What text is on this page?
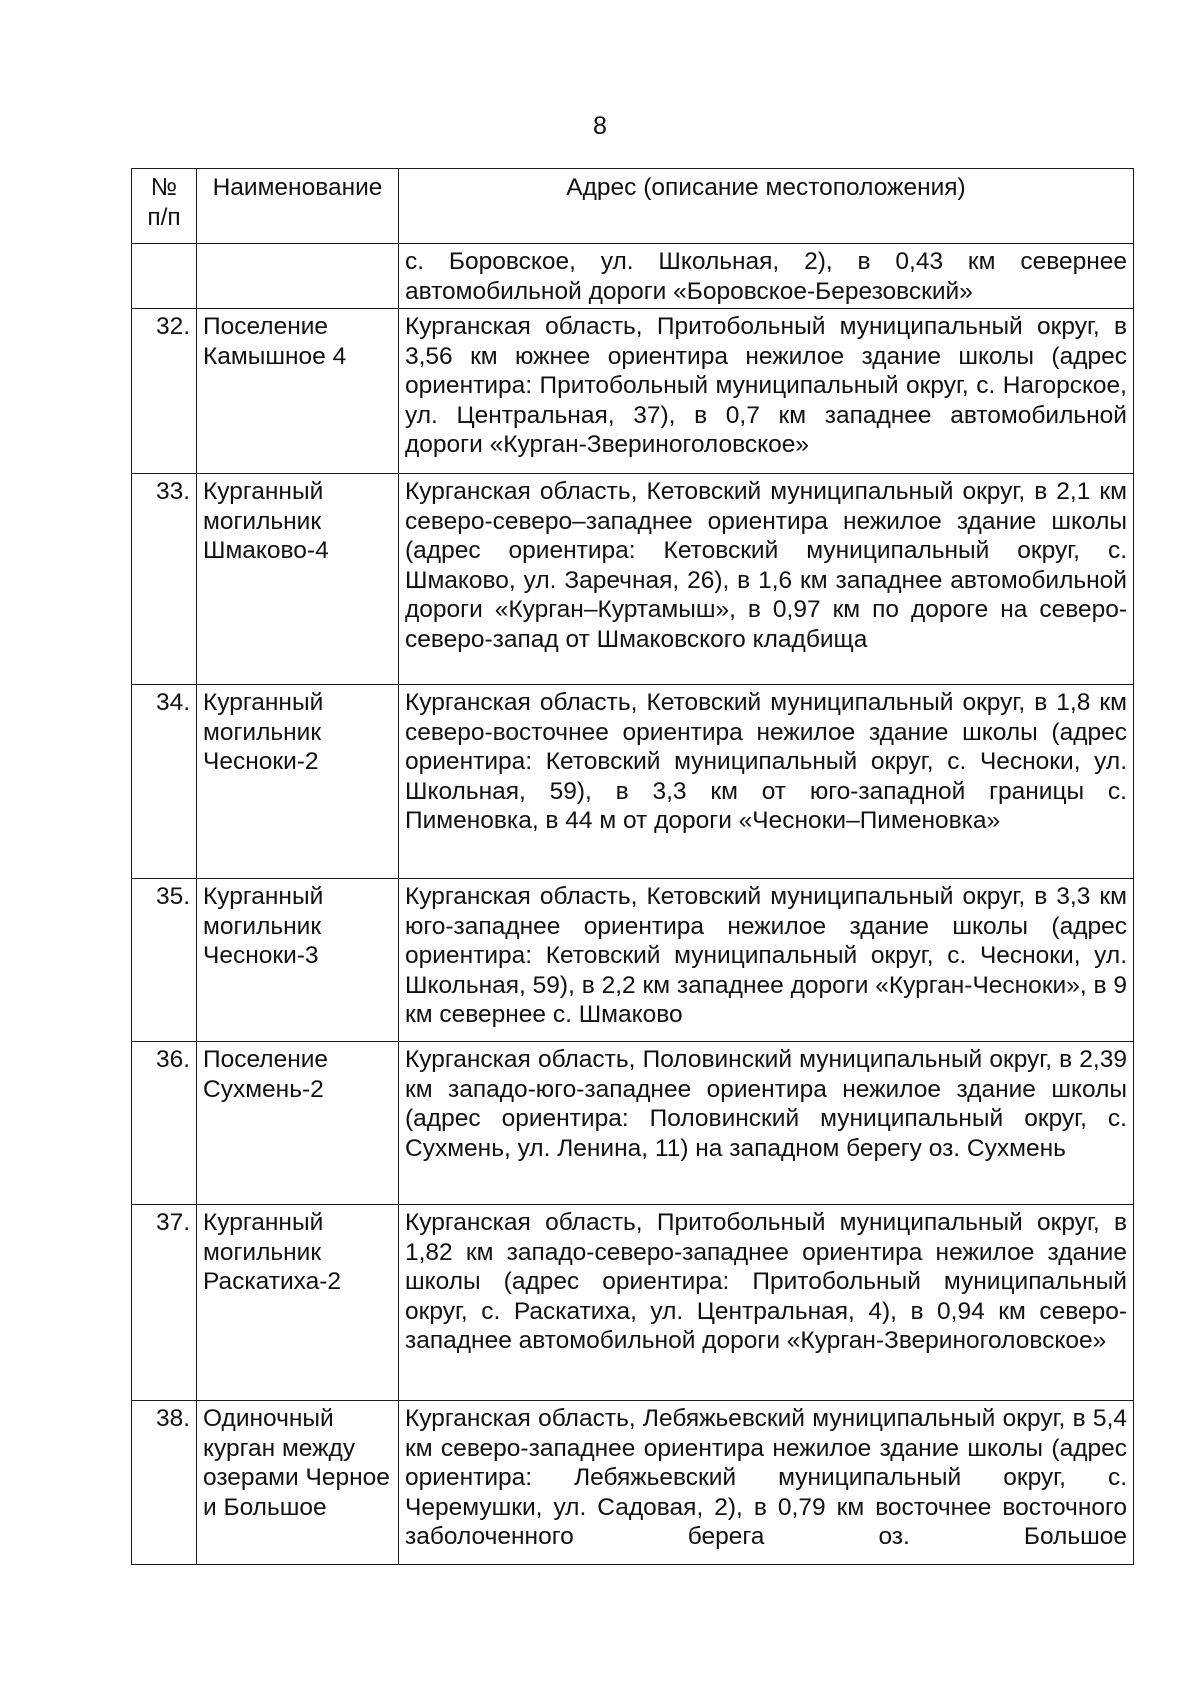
8
№ п/п	Наименование	Адрес (описание местоположения)
		с. Боровское, ул. Школьная, 2), в 0,43 км севернее автомобильной дороги «Боровское-Березовский»
32.	Поселение Камышное 4	Курганская область, Притобольный муниципальный округ, в 3,56 км южнее ориентира нежилое здание школы (адрес ориентира: Притобольный муниципальный округ, с. Нагорское, ул. Центральная, 37), в 0,7 км западнее автомобильной дороги «Курган-Звериноголовское»
33.	Курганный могильник Шмаково-4	Курганская область, Кетовский муниципальный округ, в 2,1 км северо-северо–западнее ориентира нежилое здание школы (адрес ориентира: Кетовский муниципальный округ, с. Шмаково, ул. Заречная, 26), в 1,6 км западнее автомобильной дороги «Курган–Куртамыш», в 0,97 км по дороге на северо-северо-запад от Шмаковского кладбища
34.	Курганный могильник Чесноки-2	Курганская область, Кетовский муниципальный округ, в 1,8 км северо-восточнее ориентира нежилое здание школы (адрес ориентира: Кетовский муниципальный округ, с. Чесноки, ул. Школьная, 59), в 3,3 км от юго-западной границы с. Пименовка, в 44 м от дороги «Чесноки–Пименовка»
35.	Курганный могильник Чесноки-3	Курганская область, Кетовский муниципальный округ, в 3,3 км юго-западнее ориентира нежилое здание школы (адрес ориентира: Кетовский муниципальный округ, с. Чесноки, ул. Школьная, 59), в 2,2 км западнее дороги «Курган-Чесноки», в 9 км севернее с. Шмаково
36.	Поселение Сухмень-2	Курганская область, Половинский муниципальный округ, в 2,39 км западо-юго-западнее ориентира нежилое здание школы (адрес ориентира: Половинский муниципальный округ, с. Сухмень, ул. Ленина, 11) на западном берегу оз. Сухмень
37.	Курганный могильник Раскатиха-2	Курганская область, Притобольный муниципальный округ, в 1,82 км западо-северо-западнее ориентира нежилое здание школы (адрес ориентира: Притобольный муниципальный округ, с. Раскатиха, ул. Центральная, 4), в 0,94 км северо-западнее автомобильной дороги «Курган-Звериноголовское»
38.	Одиночный курган между озерами Черное и Большое	Курганская область, Лебяжьевский муниципальный округ, в 5,4 км северо-западнее ориентира нежилое здание школы (адрес ориентира: Лебяжьевский муниципальный округ, с. Черемушки, ул. Садовая, 2), в 0,79 км восточнее восточного заболоченного берега оз. Большое
